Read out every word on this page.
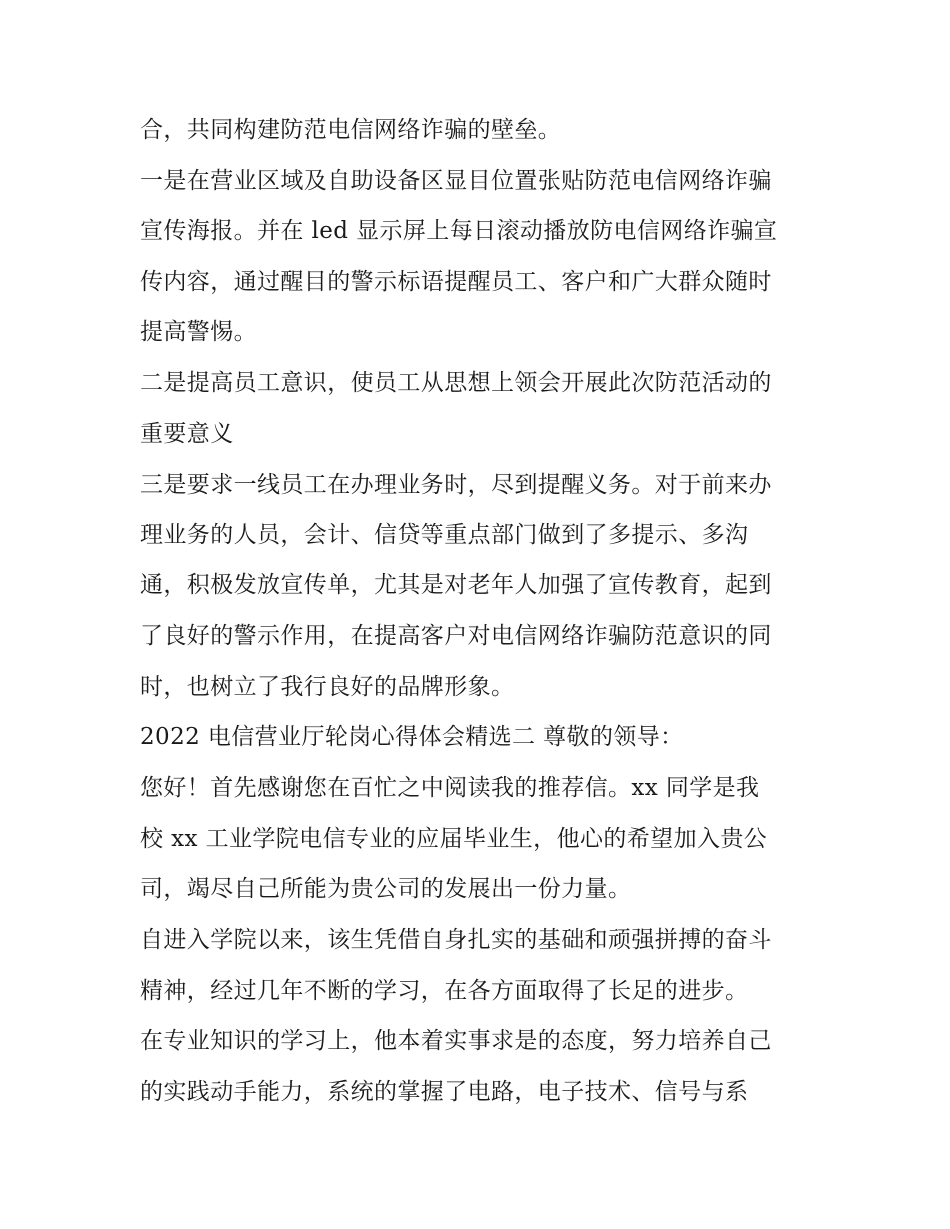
合，共同构建防范电信网络诈骗的壁垒。
一是在营业区域及自助设备区显目位置张贴防范电信网络诈骗
宣传海报。并在 led 显示屏上每日滚动播放防电信网络诈骗宣
传内容，通过醒目的警示标语提醒员工、客户和广大群众随时
提高警惕。
二是提高员工意识，使员工从思想上领会开展此次防范活动的
重要意义
三是要求一线员工在办理业务时，尽到提醒义务。对于前来办
理业务的人员，会计、信贷等重点部门做到了多提示、多沟
通，积极发放宣传单，尤其是对老年人加强了宣传教育，起到
了良好的警示作用，在提高客户对电信网络诈骗防范意识的同
时，也树立了我行良好的品牌形象。
2022 电信营业厅轮岗心得体会精选二 尊敬的领导：
您好！首先感谢您在百忙之中阅读我的推荐信。xx 同学是我
校 xx 工业学院电信专业的应届毕业生，他心的希望加入贵公
司，竭尽自己所能为贵公司的发展出一份力量。
自进入学院以来，该生凭借自身扎实的基础和顽强拼搏的奋斗
精神，经过几年不断的学习，在各方面取得了长足的进步。
在专业知识的学习上，他本着实事求是的态度，努力培养自己
的实践动手能力，系统的掌握了电路，电子技术、信号与系
